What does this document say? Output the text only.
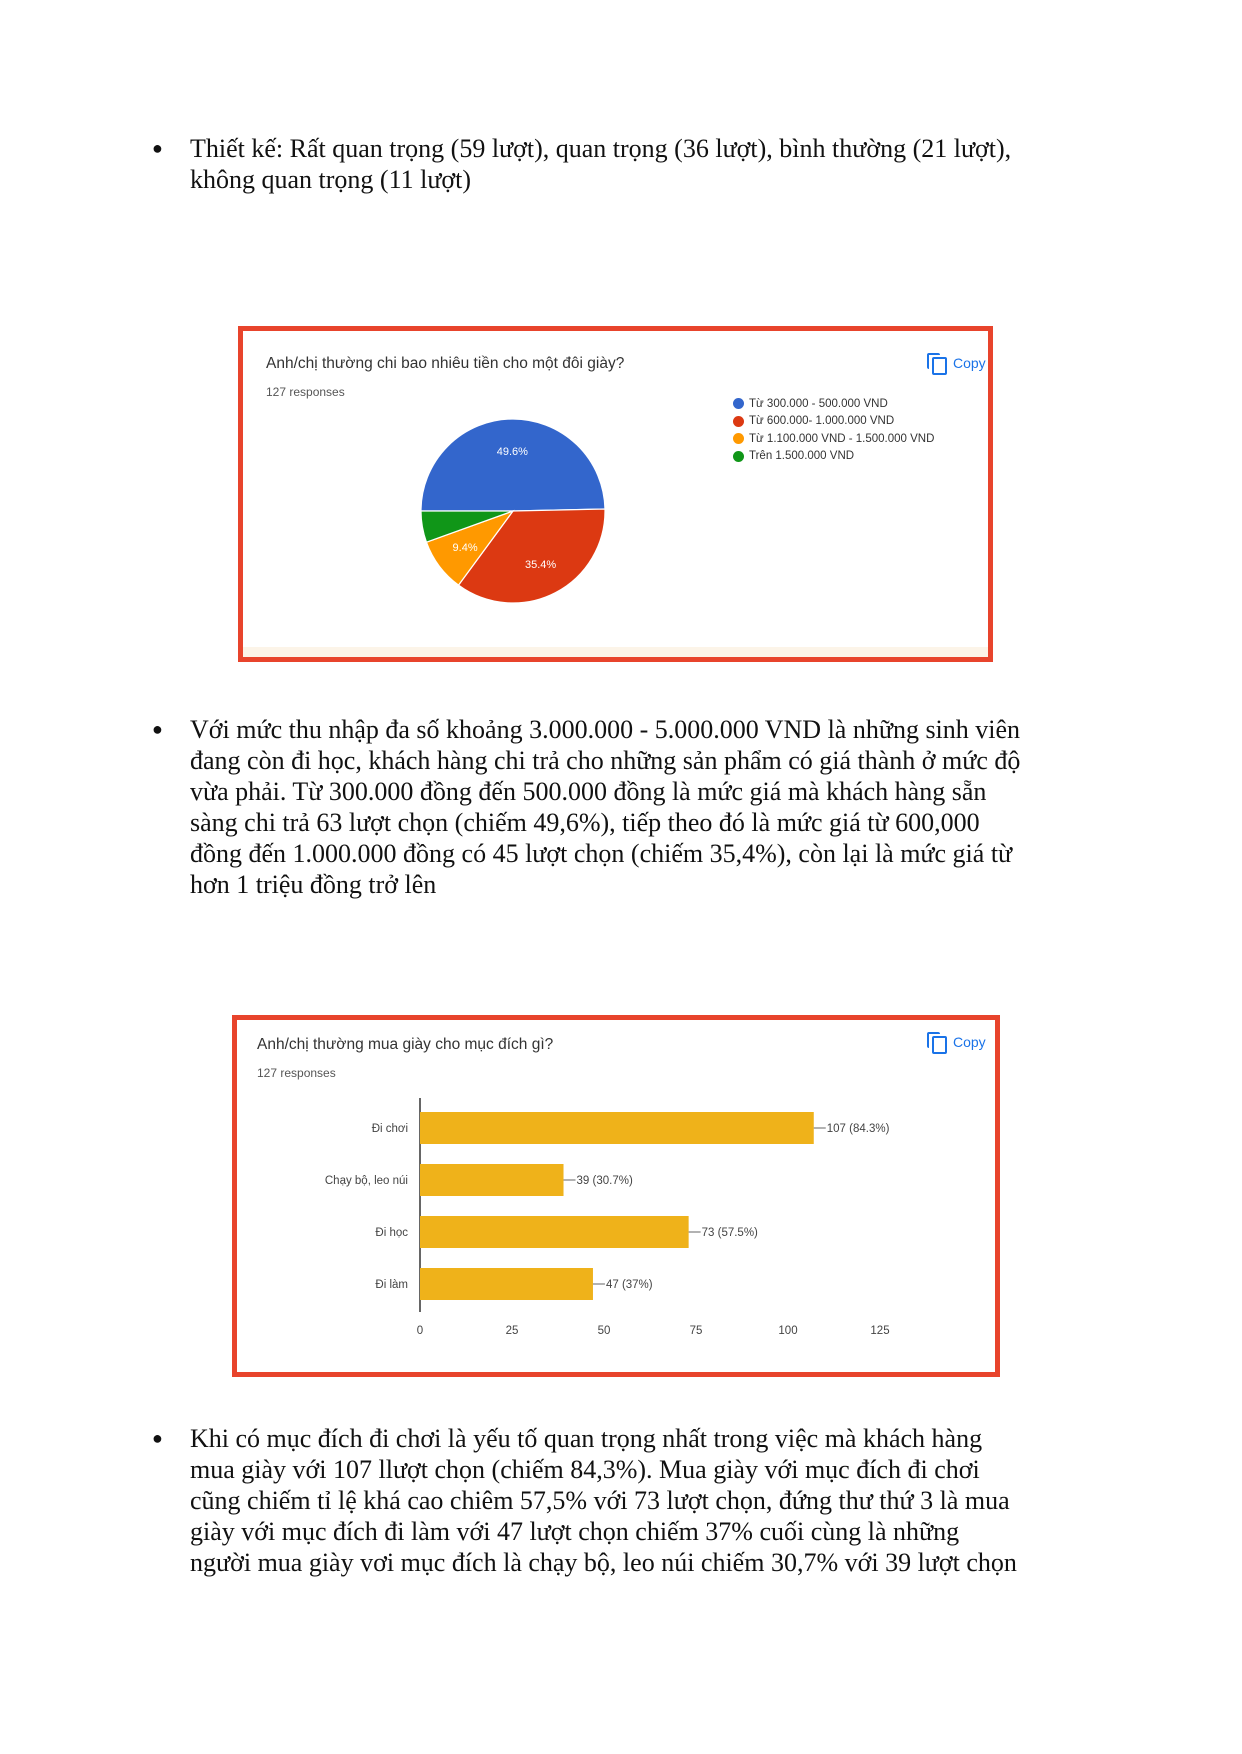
● Thiết kế: Rất quan trọng (59 lượt), quan trọng (36 lượt), bình thường (21 lượt),

không quan trọng (11 lượt)

Anh/chị thường chi bao nhiêu tiền cho một đôi giày?
127 responses
Copy
49.6%
35.4%
9.4%
Từ 300.000 - 500.000 VND
Từ 600.000- 1.000.000 VND
Từ 1.100.000 VND - 1.500.000 VND
Trên 1.500.000 VND
● Với mức thu nhập đa số khoảng 3.000.000 - 5.000.000 VND là những sinh viên

đang còn đi học, khách hàng chi trả cho những sản phẩm có giá thành ở mức độ

vừa phải. Từ 300.000 đồng đến 500.000 đồng là mức giá mà khách hàng sẵn

sàng chi trả 63 lượt chọn (chiếm 49,6%), tiếp theo đó là mức giá từ 600,000

đồng đến 1.000.000 đồng có 45 lượt chọn (chiếm 35,4%), còn lại là mức giá từ

hơn 1 triệu đồng trở lên

Anh/chị thường mua giày cho mục đích gì?
127 responses
Copy
Đi chơi	107 (84.3%)
Chạy bộ, leo núi	39 (30.7%)
Đi học	73 (57.5%)
Đi làm	47 (37%)
0	25	50	75	100	125
● Khi có mục đích đi chơi là yếu tố quan trọng nhất trong việc mà khách hàng

mua giày với 107 llượt chọn (chiếm 84,3%). Mua giày với mục đích đi chơi

cũng chiếm tỉ lệ khá cao chiêm 57,5% với 73 lượt chọn, đứng thư thứ 3 là mua

giày với mục đích đi làm với 47 lượt chọn chiếm 37% cuối cùng là những

người mua giày vơi mục đích là chạy bộ, leo núi chiếm 30,7% với 39 lượt chọn
